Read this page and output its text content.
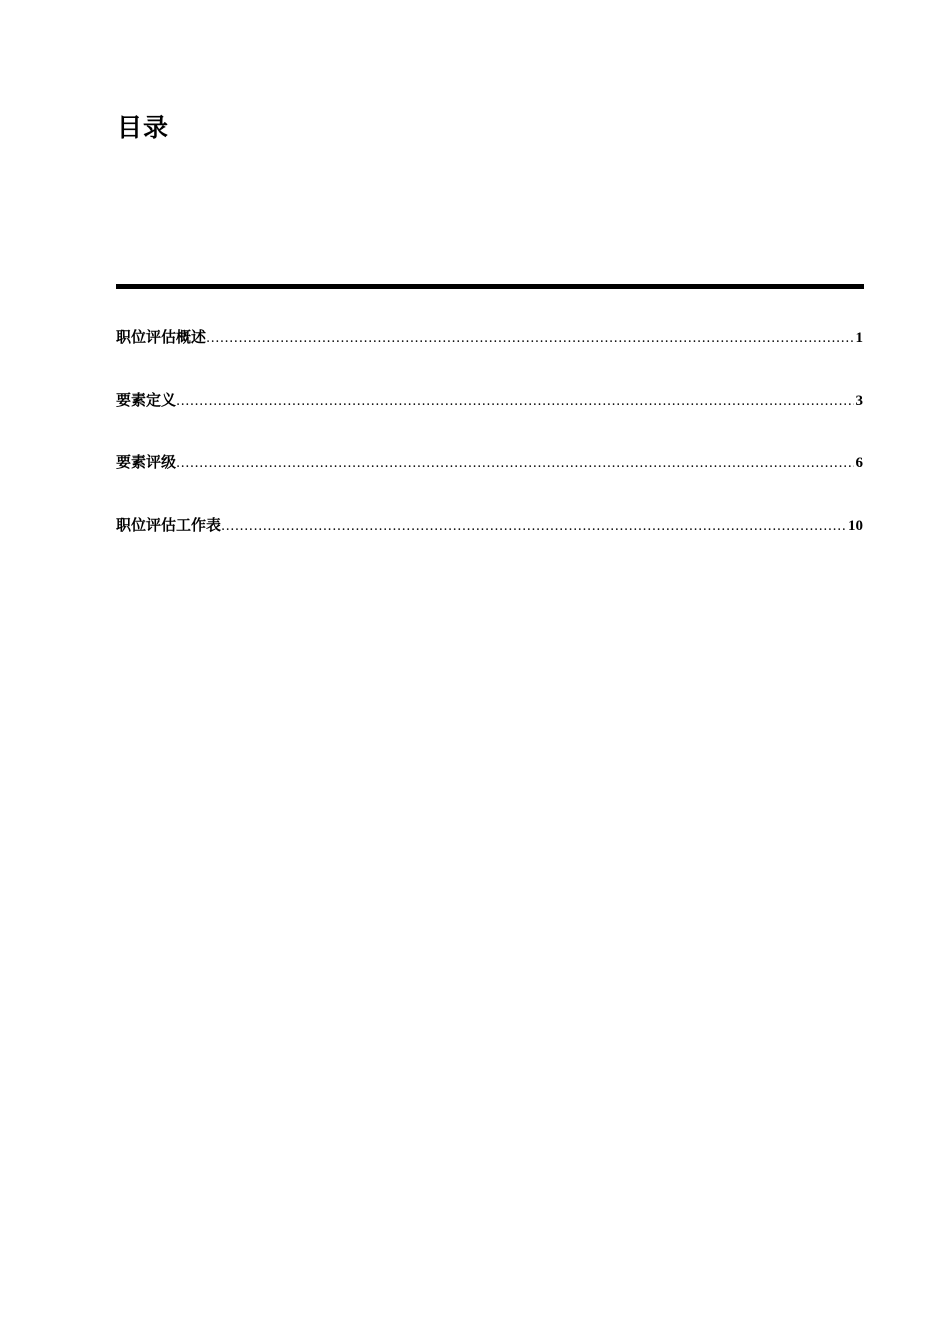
目录
职位评估概述 .....	1
要素定义 .....	3
要素评级 .....	6
职位评估工作表 .....	10
